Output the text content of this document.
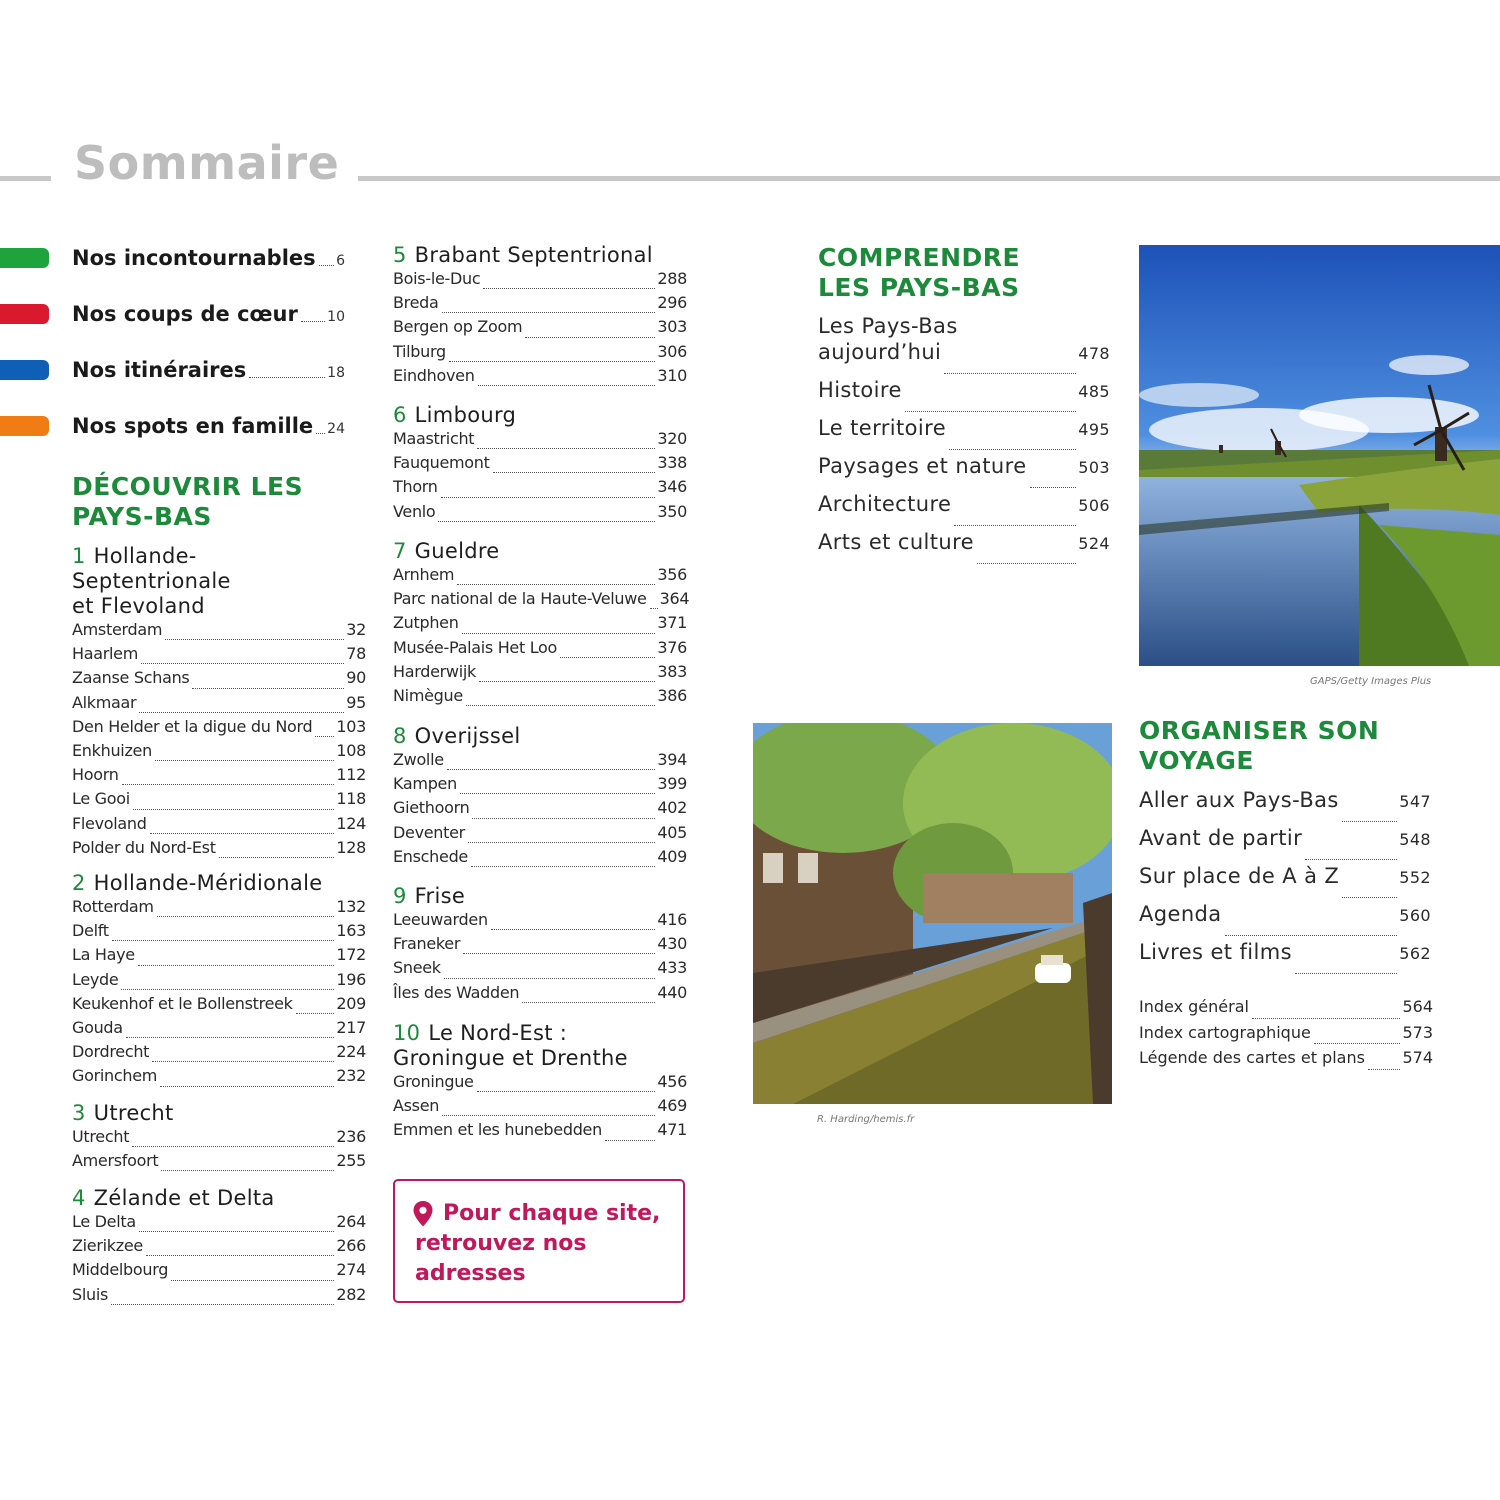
Sommaire
Nos incontournables 6
Nos coups de cœur 10
Nos itinéraires	18
Nos spots en famille 24
DÉCOUVRIR LES
PAYS-BAS
1 Hollande-
Septentrionale
et Flevoland
Amsterdam	32
Haarlem	78
Zaanse Schans	90
Alkmaar	95
Den Helder et la digue du Nord 103
Enkhuizen	108
Hoorn	112
Le Gooi	118
Flevoland	124
Polder du Nord-Est	128
2 Hollande-Méridionale
Rotterdam	132
Delft	163
La Haye	172
Leyde	196
Keukenhof et le Bollenstreek	209
Gouda	217
Dordrecht	224
Gorinchem	232
3 Utrecht
Utrecht	236
Amersfoort	255
4 Zélande et Delta
Le Delta	264
Zierikzee	266
Middelbourg	274
Sluis	282
5 Brabant Septentrional
Bois-le-Duc	288
Breda	296
Bergen op Zoom	303
Tilburg	306
Eindhoven	310
6 Limbourg
Maastricht	320
Fauquemont	338
Thorn	346
Venlo	350
7 Gueldre
Arnhem	356
Parc national de la Haute-Veluwe 364
Zutphen	371
Musée-Palais Het Loo	376
Harderwijk	383
Nimègue	386
8 Overijssel
Zwolle	394
Kampen	399
Giethoorn	402
Deventer	405
Enschede	409
9 Frise
Leeuwarden	416
Franeker	430
Sneek	433
Îles des Wadden	440
10 Le Nord-Est :
Groningue et Drenthe
Groningue	456
Assen	469
Emmen et les hunebedden	471
Pour chaque site, retrouvez nos adresses
COMPRENDRE
LES PAYS-BAS
Les Pays-Bas
aujourd’hui	478
Histoire	485
Le territoire	495
Paysages et nature	503
Architecture	506
Arts et culture	524
GAPS/Getty Images Plus
R. Harding/hemis.fr
ORGANISER SON
VOYAGE
Aller aux Pays-Bas	547
Avant de partir	548
Sur place de A à Z	552
Agenda	560
Livres et films	562
Index général	564
Index cartographique	573
Légende des cartes et plans 574
